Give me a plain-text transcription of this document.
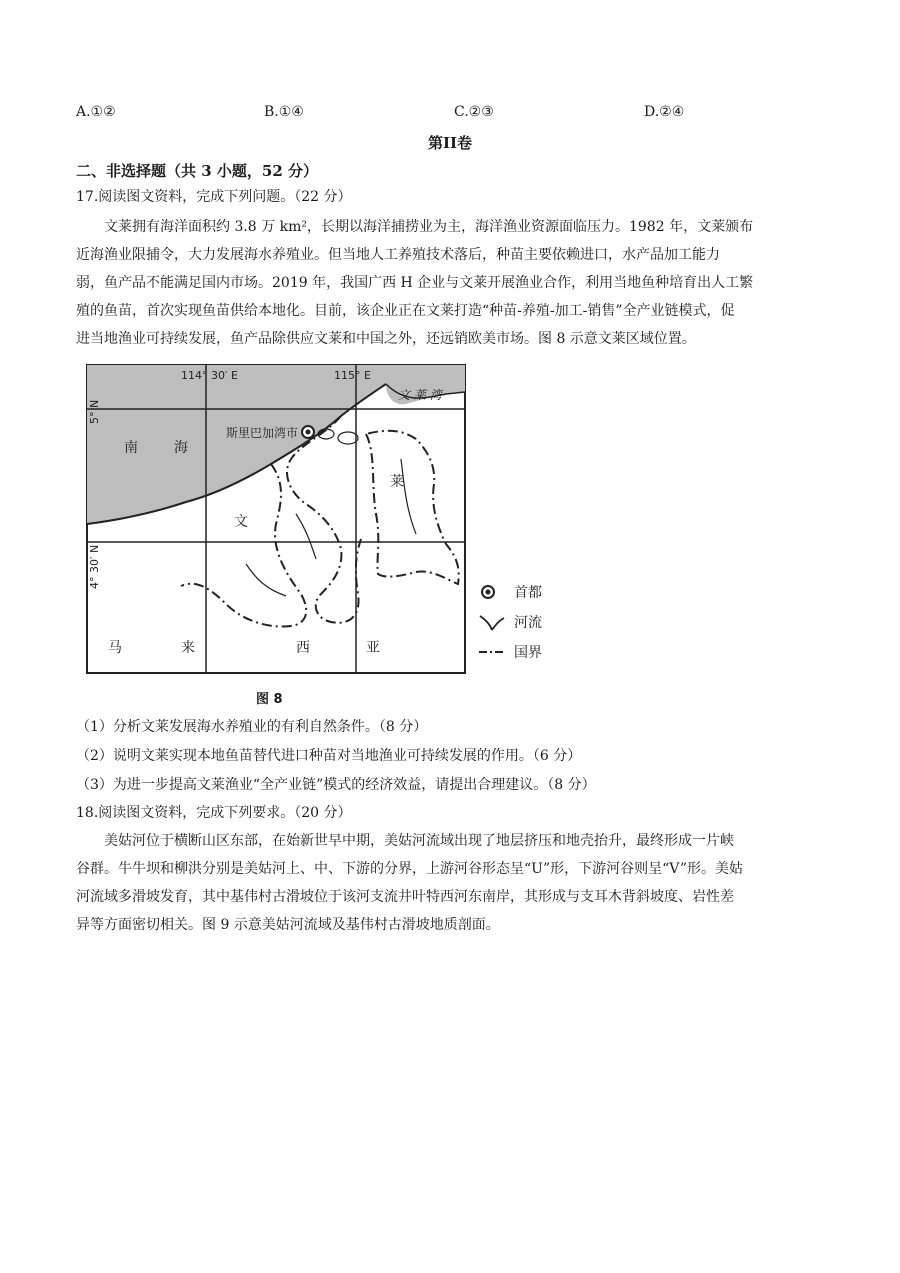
A.①②	B.①④	C.②③	D.②④
第II卷
二、非选择题（共 3 小题，52 分）
17.阅读图文资料，完成下列问题。（22 分）
文莱拥有海洋面积约 3.8 万 km²，长期以海洋捕捞业为主，海洋渔业资源面临压力。1982 年，文莱颁布
近海渔业限捕令，大力发展海水养殖业。但当地人工养殖技术落后，种苗主要依赖进口，水产品加工能力
弱，鱼产品不能满足国内市场。2019 年，我国广西 H 企业与文莱开展渔业合作，利用当地鱼种培育出人工繁
殖的鱼苗，首次实现鱼苗供给本地化。目前，该企业正在文莱打造“种苗-养殖-加工-销售”全产业链模式，促
进当地渔业可持续发展，鱼产品除供应文莱和中国之外，还远销欧美市场。图 8 示意文莱区域位置。
114° 30′ E	115° E
5° N
4° 30′ N
文 莱 湾
南	海
斯里巴加湾市
文
莱
马	来	西	亚
首都
河流
国界
图 8
（1）分析文莱发展海水养殖业的有利自然条件。（8 分）
（2）说明文莱实现本地鱼苗替代进口种苗对当地渔业可持续发展的作用。（6 分）
（3）为进一步提高文莱渔业“全产业链”模式的经济效益，请提出合理建议。（8 分）
18.阅读图文资料，完成下列要求。（20 分）
美姑河位于横断山区东部，在始新世早中期，美姑河流域出现了地层挤压和地壳抬升，最终形成一片峡
谷群。牛牛坝和柳洪分别是美姑河上、中、下游的分界，上游河谷形态呈“U”形，下游河谷则呈“V”形。美姑
河流域多滑坡发育，其中基伟村古滑坡位于该河支流井叶特西河东南岸，其形成与支耳木背斜坡度、岩性差
异等方面密切相关。图 9 示意美姑河流域及基伟村古滑坡地质剖面。
